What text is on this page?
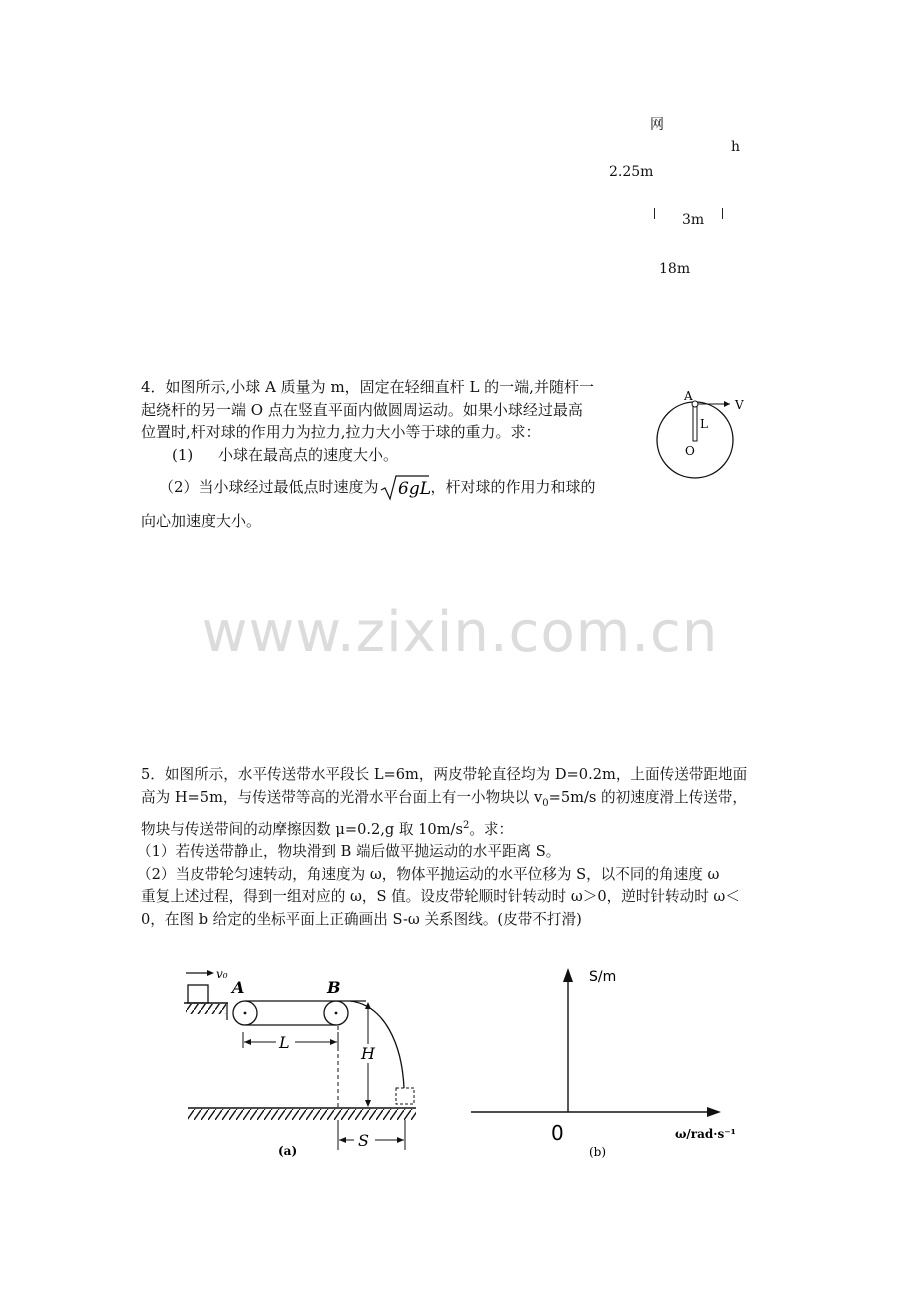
网
h
2.25m
3m
18m
4．如图所示,小球 A 质量为 m，固定在轻细直杆 L 的一端,并随杆一
起绕杆的另一端 O 点在竖直平面内做圆周运动。如果小球经过最高
位置时,杆对球的作用力为拉力,拉力大小等于球的重力。求：
(1) 小球在最高点的速度大小。
（2）当小球经过最低点时速度为 6gL ，杆对球的作用力和球的
向心加速度大小。
A
V
L
O
www.zixin.com.cn
5．如图所示，水平传送带水平段长 L=6m，两皮带轮直径均为 D=0.2m，上面传送带距地面
高为 H=5m，与传送带等高的光滑水平台面上有一小物块以 $v_0=5m/s$ 的初速度滑上传送带，
物块与传送带间的动摩擦因数 μ=0.2,g 取 $10m/s^2$。求：
（1）若传送带静止，物块滑到 B 端后做平抛运动的水平距离 S。
（2）当皮带轮匀速转动，角速度为 ω，物体平抛运动的水平位移为 S，以不同的角速度 ω
重复上述过程，得到一组对应的 ω，S 值。设皮带轮顺时针转动时 ω＞0，逆时针转动时 ω＜
0，在图 b 给定的坐标平面上正确画出 S-ω 关系图线。(皮带不打滑)
v₀
A	B
L
H
S
(a)
S/m
0	ω/rad·s⁻¹
(b)
